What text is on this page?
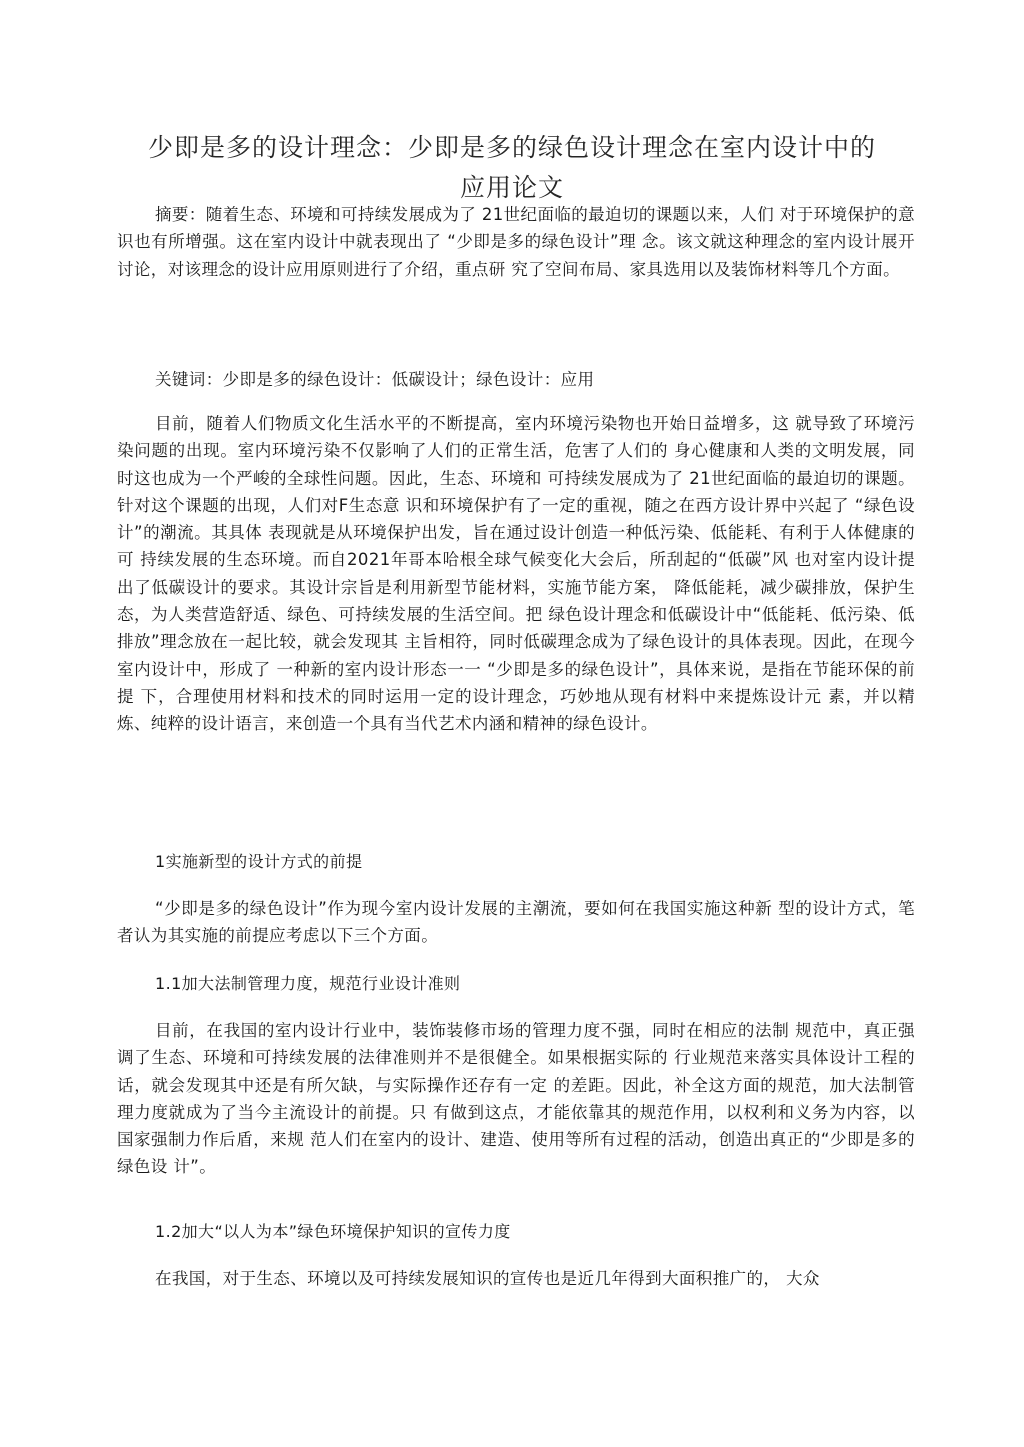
少即是多的设计理念：少即是多的绿色设计理念在室内设计中的
应用论文

摘要：随着生态、环境和可持续发展成为了 21世纪面临的最迫切的课题以来，人们 对于环境保护的意识也有所增强。这在室内设计中就表现出了 “少即是多的绿色设计”理 念。该文就这种理念的室内设计展开讨论，对该理念的设计应用原则进行了介绍，重点研 究了空间布局、家具选用以及装饰材料等几个方面。

关键词：少即是多的绿色设计：低碳设计；绿色设计：应用

目前，随着人们物质文化生活水平的不断提高，室内环境污染物也开始日益增多，这 就导致了环境污染问题的出现。室内环境污染不仅影响了人们的正常生活，危害了人们的 身心健康和人类的文明发展，同时这也成为一个严峻的全球性问题。因此，生态、环境和 可持续发展成为了 21世纪面临的最迫切的课题。针对这个课题的出现，人们对F生态意 识和环境保护有了一定的重视，随之在西方设计界中兴起了 “绿色设计”的潮流。其具体 表现就是从环境保护出发，旨在通过设计创造一种低污染、低能耗、有利于人体健康的可 持续发展的生态环境。而自2021年哥本哈根全球气候变化大会后，所刮起的“低碳”风 也对室内设计提出了低碳设计的要求。其设计宗旨是利用新型节能材料，实施节能方案， 降低能耗，减少碳排放，保护生态，为人类营造舒适、绿色、可持续发展的生活空间。把 绿色设计理念和低碳设计中“低能耗、低污染、低排放”理念放在一起比较，就会发现其 主旨相符，同时低碳理念成为了绿色设计的具体表现。因此，在现今室内设计中，形成了 一种新的室内设计形态一一 “少即是多的绿色设计”，具体来说，是指在节能环保的前提 下，合理使用材料和技术的同时运用一定的设计理念，巧妙地从现有材料中来提炼设计元 素，并以精炼、纯粹的设计语言，来创造一个具有当代艺术内涵和精神的绿色设计。

1实施新型的设计方式的前提

“少即是多的绿色设计”作为现今室内设计发展的主潮流，要如何在我国实施这种新 型的设计方式，笔者认为其实施的前提应考虑以下三个方面。

1.1加大法制管理力度，规范行业设计准则

目前，在我国的室内设计行业中，装饰装修市场的管理力度不强，同时在相应的法制 规范中，真正强调了生态、环境和可持续发展的法律准则并不是很健全。如果根据实际的 行业规范来落实具体设计工程的话，就会发现其中还是有所欠缺，与实际操作还存有一定 的差距。因此，补全这方面的规范，加大法制管理力度就成为了当今主流设计的前提。只 有做到这点，才能依靠其的规范作用，以权利和义务为内容，以国家强制力作后盾，来规 范人们在室内的设计、建造、使用等所有过程的活动，创造出真正的“少即是多的绿色设 计”。

1.2加大“以人为本”绿色环境保护知识的宣传力度

在我国，对于生态、环境以及可持续发展知识的宣传也是近几年得到大面积推广的， 大众
